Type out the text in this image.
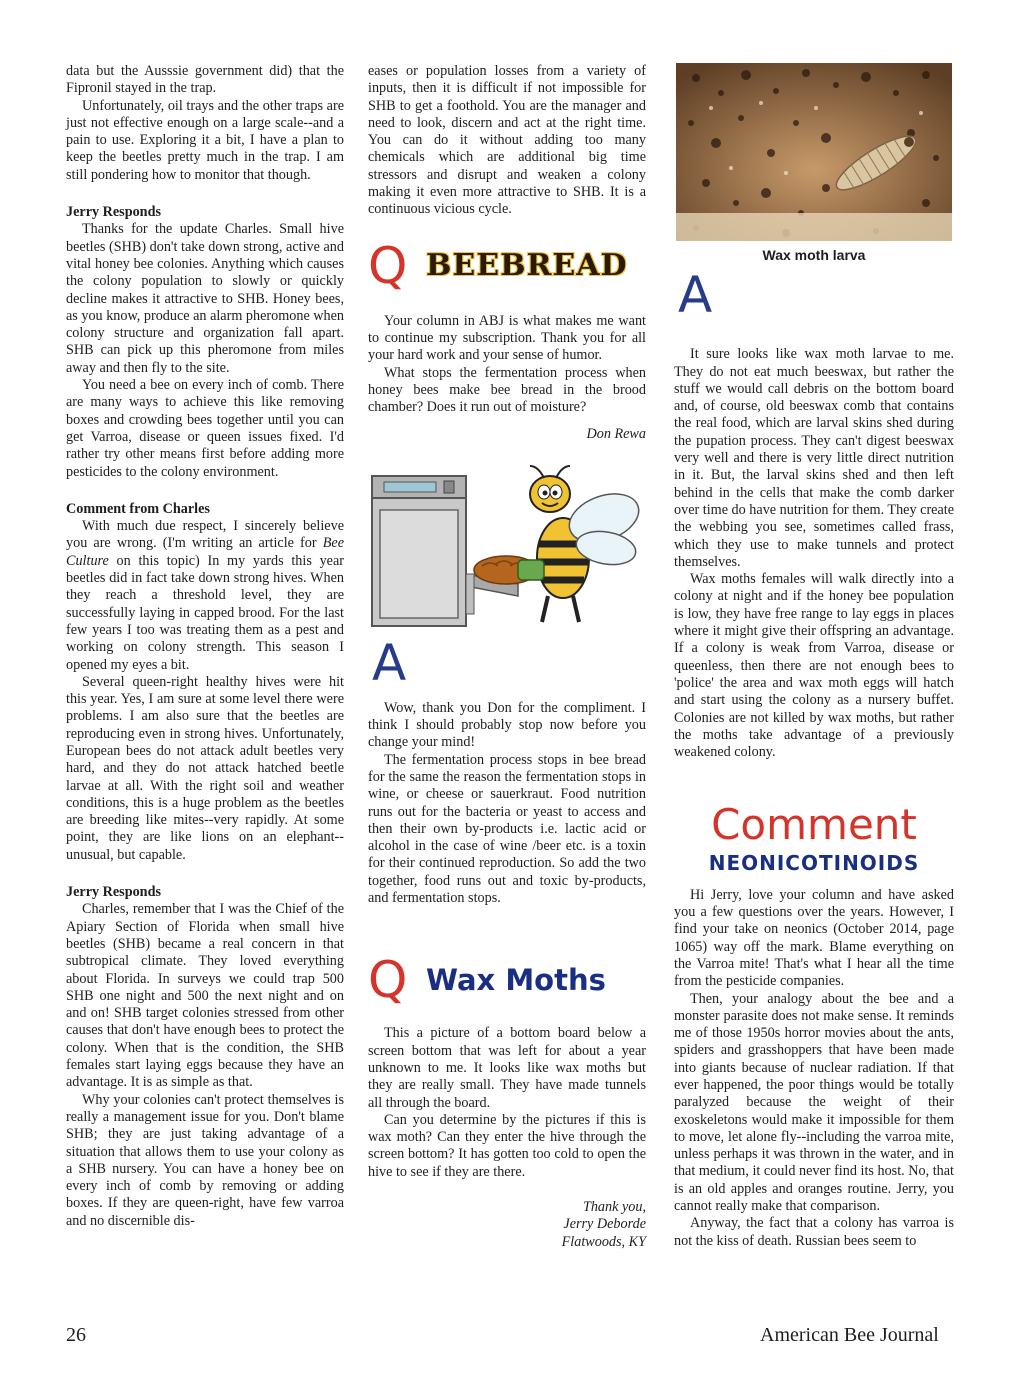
data but the Ausssie government did) that the Fipronil stayed in the trap.

Unfortunately, oil trays and the other traps are just not effective enough on a large scale--and a pain to use. Exploring it a bit, I have a plan to keep the beetles pretty much in the trap. I am still pondering how to monitor that though.

Jerry Responds

Thanks for the update Charles. Small hive beetles (SHB) don't take down strong, active and vital honey bee colonies. Anything which causes the colony population to slowly or quickly decline makes it attractive to SHB. Honey bees, as you know, produce an alarm pheromone when colony structure and organization fall apart. SHB can pick up this pheromone from miles away and then fly to the site.

You need a bee on every inch of comb. There are many ways to achieve this like removing boxes and crowding bees together until you can get Varroa, disease or queen issues fixed. I'd rather try other means first before adding more pesticides to the colony environment.

Comment from Charles

With much due respect, I sincerely believe you are wrong. (I'm writing an article for Bee Culture on this topic) In my yards this year beetles did in fact take down strong hives. When they reach a threshold level, they are successfully laying in capped brood. For the last few years I too was treating them as a pest and working on colony strength. This season I opened my eyes a bit.

Several queen-right healthy hives were hit this year. Yes, I am sure at some level there were problems. I am also sure that the beetles are reproducing even in strong hives. Unfortunately, European bees do not attack adult beetles very hard, and they do not attack hatched beetle larvae at all. With the right soil and weather conditions, this is a huge problem as the beetles are breeding like mites--very rapidly. At some point, they are like lions on an elephant--unusual, but capable.

Jerry Responds

Charles, remember that I was the Chief of the Apiary Section of Florida when small hive beetles (SHB) became a real concern in that subtropical climate. They loved everything about Florida. In surveys we could trap 500 SHB one night and 500 the next night and on and on! SHB target colonies stressed from other causes that don't have enough bees to protect the colony. When that is the condition, the SHB females start laying eggs because they have an advantage. It is as simple as that.

Why your colonies can't protect themselves is really a management issue for you. Don't blame SHB; they are just taking advantage of a situation that allows them to use your colony as a SHB nursery. You can have a honey bee on every inch of comb by removing or adding boxes. If they are queen-right, have few varroa and no discernible dis-

eases or population losses from a variety of inputs, then it is difficult if not impossible for SHB to get a foothold. You are the manager and need to look, discern and act at the right time. You can do it without adding too many chemicals which are additional big time stressors and disrupt and weaken a colony making it even more attractive to SHB. It is a continuous vicious cycle.

Q BEEBREAD

Your column in ABJ is what makes me want to continue my subscription. Thank you for all your hard work and your sense of humor.

What stops the fermentation process when honey bees make bee bread in the brood chamber? Does it run out of moisture?

Don Rewa

A

Wow, thank you Don for the compliment. I think I should probably stop now before you change your mind!

The fermentation process stops in bee bread for the same the reason the fermentation stops in wine, or cheese or sauerkraut. Food nutrition runs out for the bacteria or yeast to access and then their own by-products i.e. lactic acid or alcohol in the case of wine /beer etc. is a toxin for their continued reproduction. So add the two together, food runs out and toxic by-products, and fermentation stops.

Q Wax Moths

This a picture of a bottom board below a screen bottom that was left for about a year unknown to me. It looks like wax moths but they are really small. They have made tunnels all through the board.

Can you determine by the pictures if this is wax moth? Can they enter the hive through the screen bottom? It has gotten too cold to open the hive to see if they are there.

Thank you,

Jerry Deborde

Flatwoods, KY

Wax moth larva
A

It sure looks like wax moth larvae to me. They do not eat much beeswax, but rather the stuff we would call debris on the bottom board and, of course, old beeswax comb that contains the real food, which are larval skins shed during the pupation process. They can't digest beeswax very well and there is very little direct nutrition in it. But, the larval skins shed and then left behind in the cells that make the comb darker over time do have nutrition for them. They create the webbing you see, sometimes called frass, which they use to make tunnels and protect themselves.

Wax moths females will walk directly into a colony at night and if the honey bee population is low, they have free range to lay eggs in places where it might give their offspring an advantage. If a colony is weak from Varroa, disease or queenless, then there are not enough bees to 'police' the area and wax moth eggs will hatch and start using the colony as a nursery buffet. Colonies are not killed by wax moths, but rather the moths take advantage of a previously weakened colony.

Comment
NEONICOTINOIDS

Hi Jerry, love your column and have asked you a few questions over the years. However, I find your take on neonics (October 2014, page 1065) way off the mark. Blame everything on the Varroa mite! That's what I hear all the time from the pesticide companies.

Then, your analogy about the bee and a monster parasite does not make sense. It reminds me of those 1950s horror movies about the ants, spiders and grasshoppers that have been made into giants because of nuclear radiation. If that ever happened, the poor things would be totally paralyzed because the weight of their exoskeletons would make it impossible for them to move, let alone fly--including the varroa mite, unless perhaps it was thrown in the water, and in that medium, it could never find its host. No, that is an old apples and oranges routine. Jerry, you cannot really make that comparison.

Anyway, the fact that a colony has varroa is not the kiss of death. Russian bees seem to

26	American Bee Journal
